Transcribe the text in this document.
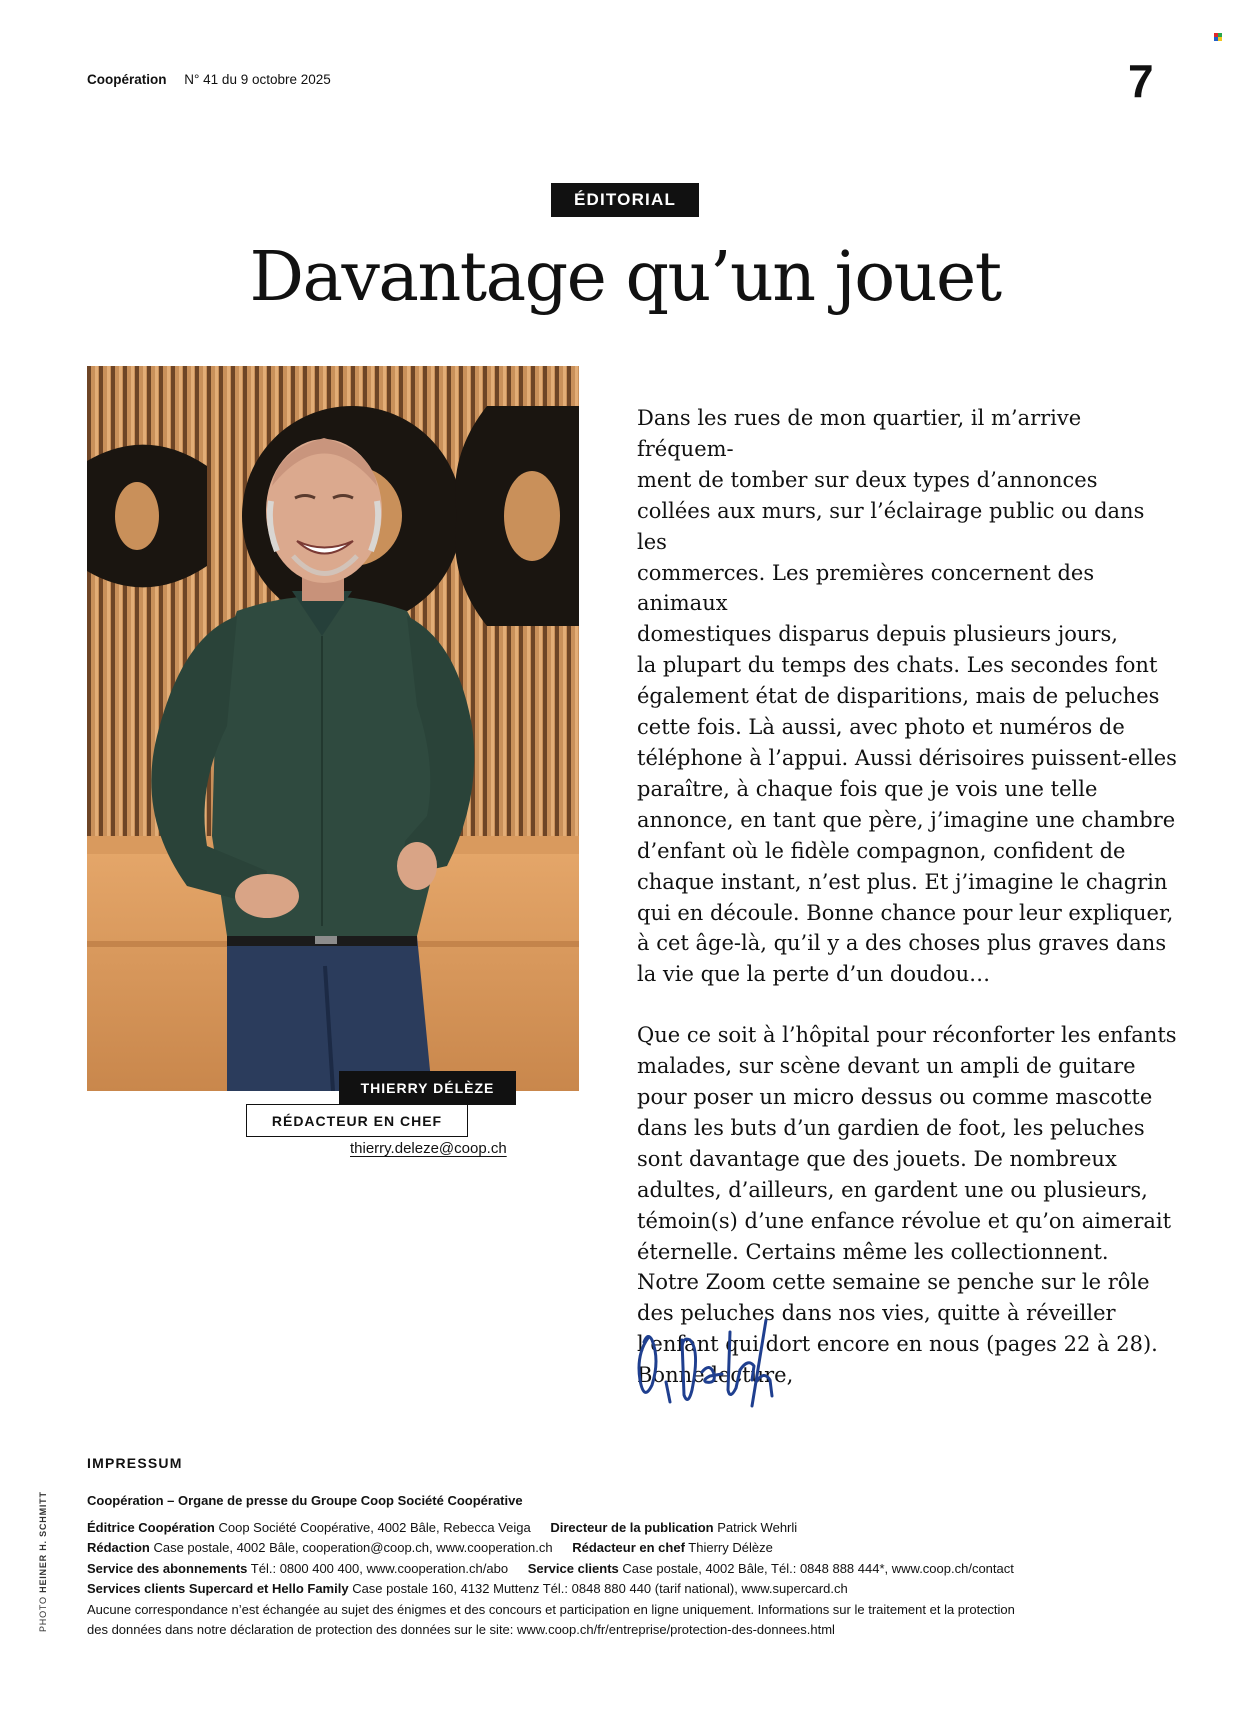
Coopération N° 41 du 9 octobre 2025	7
ÉDITORIAL
Davantage qu’un jouet
THIERRY DÉLÈZE
RÉDACTEUR EN CHEF
thierry.deleze@coop.ch

Dans les rues de mon quartier, il m’arrive fréquem-
ment de tomber sur deux types d’annonces
collées aux murs, sur l’éclairage public ou dans les
commerces. Les premières concernent des animaux
domestiques disparus depuis plusieurs jours,
la plupart du temps des chats. Les secondes font
également état de disparitions, mais de peluches
cette fois. Là aussi, avec photo et numéros de
téléphone à l’appui. Aussi dérisoires puissent-elles
paraître, à chaque fois que je vois une telle
annonce, en tant que père, j’imagine une chambre
d’enfant où le fidèle compagnon, confident de
chaque instant, n’est plus. Et j’imagine le chagrin
qui en découle. Bonne chance pour leur expliquer,
à cet âge-là, qu’il y a des choses plus graves dans
la vie que la perte d’un doudou…

Que ce soit à l’hôpital pour réconforter les enfants
malades, sur scène devant un ampli de guitare
pour poser un micro dessus ou comme mascotte
dans les buts d’un gardien de foot, les peluches
sont davantage que des jouets. De nombreux
adultes, d’ailleurs, en gardent une ou plusieurs,
témoin(s) d’une enfance révolue et qu’on aimerait
éternelle. Certains même les collectionnent.
Notre Zoom cette semaine se penche sur le rôle
des peluches dans nos vies, quitte à réveiller
l’enfant qui dort encore en nous (pages 22 à 28).
Bonne lecture,

IMPRESSUM
Coopération – Organe de presse du Groupe Coop Société Coopérative
Éditrice Coopération Coop Société Coopérative, 4002 Bâle, Rebecca Veiga Directeur de la publication Patrick Wehrli
Rédaction Case postale, 4002 Bâle, cooperation@coop.ch, www.cooperation.ch Rédacteur en chef Thierry Délèze
Service des abonnements Tél.: 0800 400 400, www.cooperation.ch/abo Service clients Case postale, 4002 Bâle, Tél.: 0848 888 444*, www.coop.ch/contact
Services clients Supercard et Hello Family Case postale 160, 4132 Muttenz Tél.: 0848 880 440 (tarif national), www.supercard.ch
Aucune correspondance n’est échangée au sujet des énigmes et des concours et participation en ligne uniquement. Informations sur le traitement et la protection
des données dans notre déclaration de protection des données sur le site: www.coop.ch/fr/entreprise/protection-des-donnees.html
PHOTO HEINER H. SCHMITT
